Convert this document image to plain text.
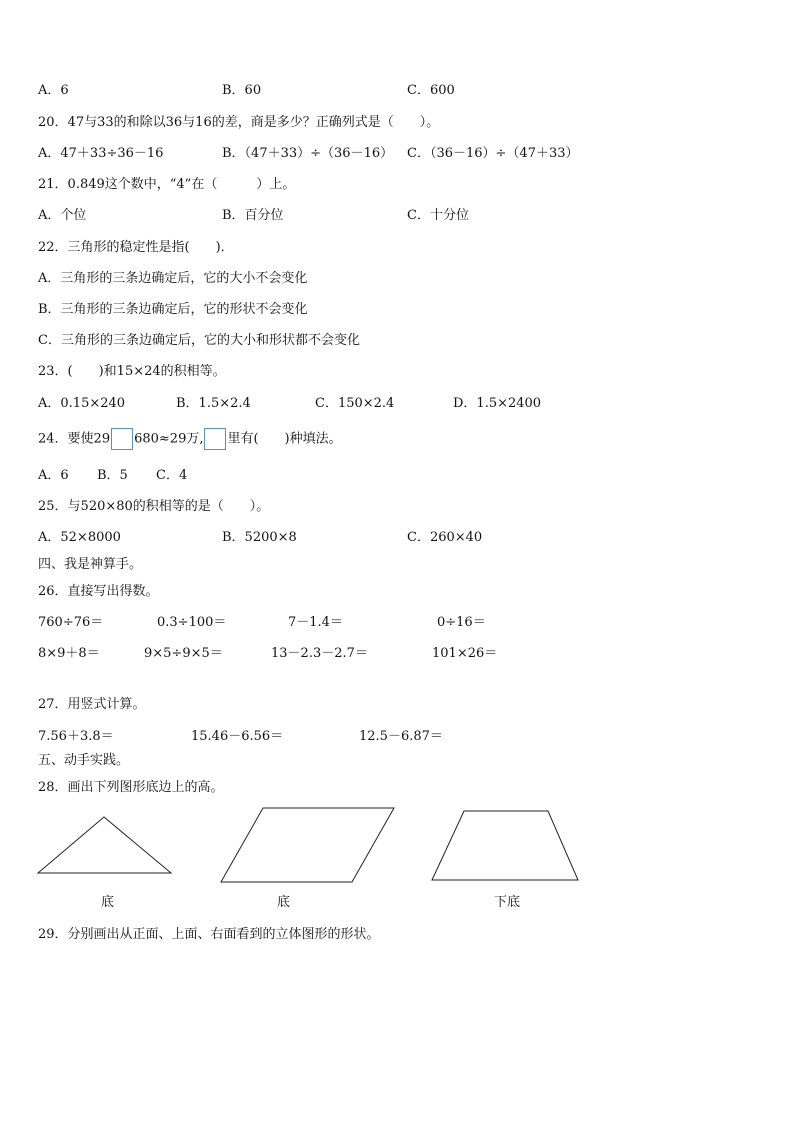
A．6	B．60	C．600
20．47与33的和除以36与16的差，商是多少？正确列式是（　　）。
A．47＋33÷36－16	B．（47＋33）÷（36－16） C．（36－16）÷（47＋33）
21．0.849这个数中，“4”在（　　　）上。
A．个位	B．百分位	C．十分位
22．三角形的稳定性是指(　　)．
A．三角形的三条边确定后，它的大小不会变化
B．三角形的三条边确定后，它的形状不会变化
C．三角形的三条边确定后，它的大小和形状都不会变化
23．(　　)和15×24的积相等。
A．0.15×240	B．1.5×2.4	C．150×2.4	D．1.5×2400
24．要使29 680≈29万, 里有(　　)种填法。
A．6 B．5 C．4
25．与520×80的积相等的是（　　）。
A．52×8000	B．5200×8	C．260×40
四、我是神算手。
26．直接写出得数。
760÷76＝	0.3÷100＝	7－1.4＝	0÷16＝
8×9＋8＝	9×5÷9×5＝	13－2.3－2.7＝	101×26＝
27．用竖式计算。
7.56＋3.8＝	15.46－6.56＝	12.5－6.87＝
五、动手实践。
28．画出下列图形底边上的高。
底	底	下底
29．分别画出从正面、上面、右面看到的立体图形的形状。
